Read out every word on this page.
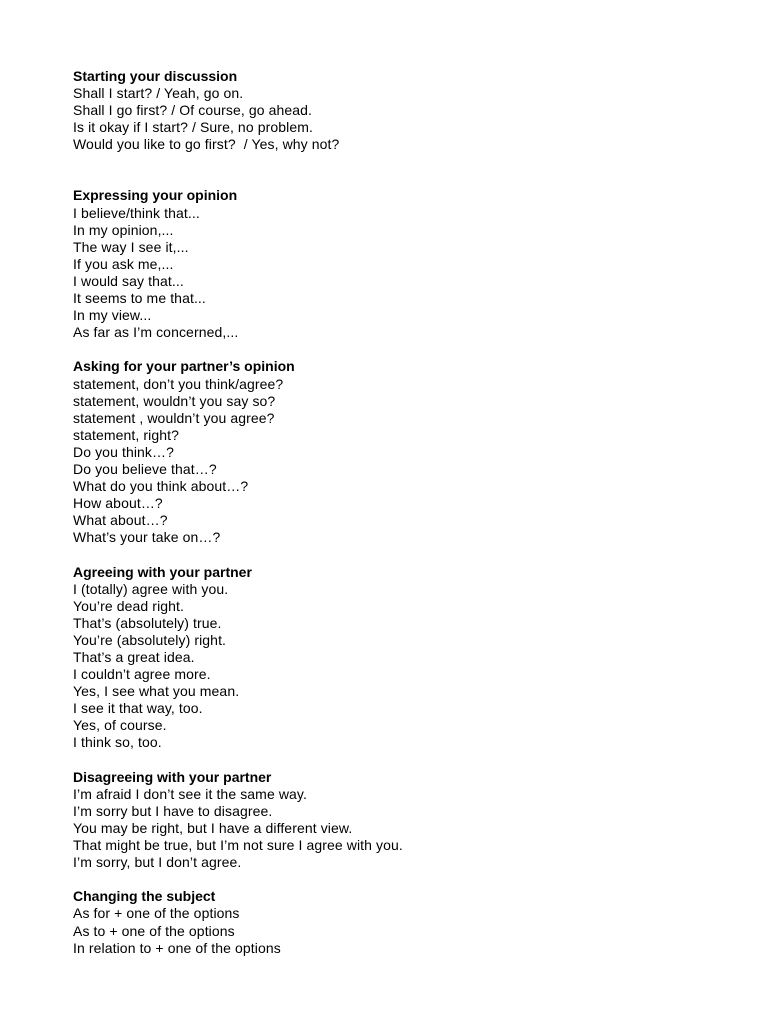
Starting your discussion
Shall I start? / Yeah, go on.
Shall I go first? / Of course, go ahead.
Is it okay if I start? / Sure, no problem.
Would you like to go first?  / Yes, why not?
Expressing your opinion
I believe/think that...
In my opinion,...
The way I see it,...
If you ask me,...
I would say that...
It seems to me that...
In my view...
As far as I’m concerned,...
Asking for your partner’s opinion
statement, don’t you think/agree?
statement, wouldn’t you say so?
statement , wouldn’t you agree?
statement, right?
Do you think…?
Do you believe that…?
What do you think about…?
How about…?
What about…?
What’s your take on…?
Agreeing with your partner
I (totally) agree with you.
You’re dead right.
That’s (absolutely) true.
You’re (absolutely) right.
That’s a great idea.
I couldn’t agree more.
Yes, I see what you mean.
I see it that way, too.
Yes, of course.
I think so, too.
Disagreeing with your partner
I’m afraid I don’t see it the same way.
I’m sorry but I have to disagree.
You may be right, but I have a different view.
That might be true, but I’m not sure I agree with you.
I’m sorry, but I don’t agree.
Changing the subject
As for + one of the options
As to + one of the options
In relation to + one of the options
